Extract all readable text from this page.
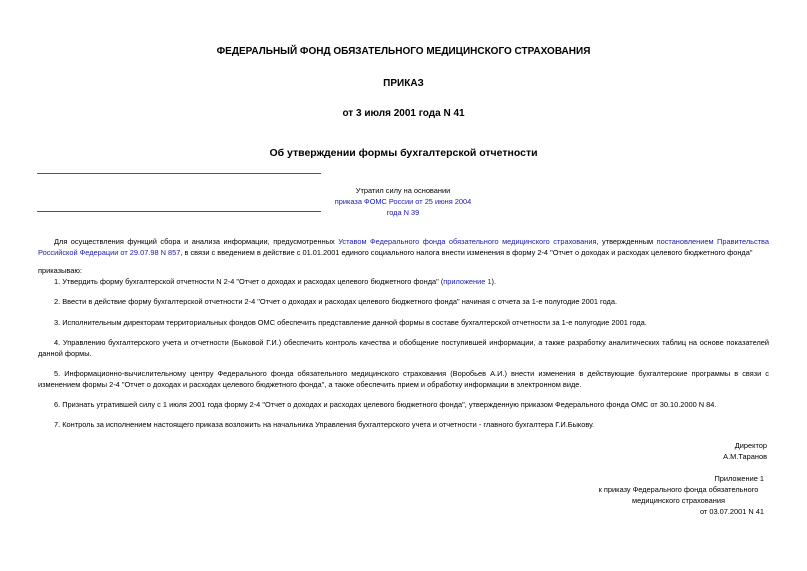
ФЕДЕРАЛЬНЫЙ ФОНД ОБЯЗАТЕЛЬНОГО МЕДИЦИНСКОГО СТРАХОВАНИЯ
ПРИКАЗ
от 3 июля 2001 года N 41
Об утверждении формы бухгалтерской отчетности
Утратил силу на основании
приказа ФОМС России от 25 июня 2004 года N 39
Для осуществления функций сбора и анализа информации, предусмотренных Уставом Федерального фонда обязательного медицинского страхования, утвержденным постановлением Правительства Российской Федерации от 29.07.98 N 857, в связи с введением в действие с 01.01.2001 единого социального налога внести изменения в форму 2-4 "Отчет о доходах и расходах целевого бюджетного фонда"
приказываю:
1. Утвердить форму бухгалтерской отчетности N 2-4 "Отчет о доходах и расходах целевого бюджетного фонда" (приложение 1).
2. Ввести в действие форму бухгалтерской отчетности 2-4 "Отчет о доходах и расходах целевого бюджетного фонда" начиная с отчета за 1-е полугодие 2001 года.
3. Исполнительным директорам территориальных фондов ОМС обеспечить представление данной формы в составе бухгалтерской отчетности за 1-е полугодие 2001 года.
4. Управлению бухгалтерского учета и отчетности (Быковой Г.И.) обеспечить контроль качества и обобщение поступившей информации, а также разработку аналитических таблиц на основе показателей данной формы.
5. Информационно-вычислительному центру Федерального фонда обязательного медицинского страхования (Воробьев А.И.) внести изменения в действующие бухгалтерские программы в связи с изменением формы 2-4 "Отчет о доходах и расходах целевого бюджетного фонда", а также обеспечить прием и обработку информации в электронном виде.
6. Признать утратившей силу с 1 июля 2001 года форму 2-4 "Отчет о доходах и расходах целевого бюджетного фонда", утвержденную приказом Федерального фонда ОМС от 30.10.2000 N 84.
7. Контроль за исполнением настоящего приказа возложить на начальника Управления бухгалтерского учета и отчетности - главного бухгалтера Г.И.Быкову.
Директор
А.М.Таранов
Приложение 1
к приказу Федерального фонда обязательного
медицинского страхования
от 03.07.2001 N 41
